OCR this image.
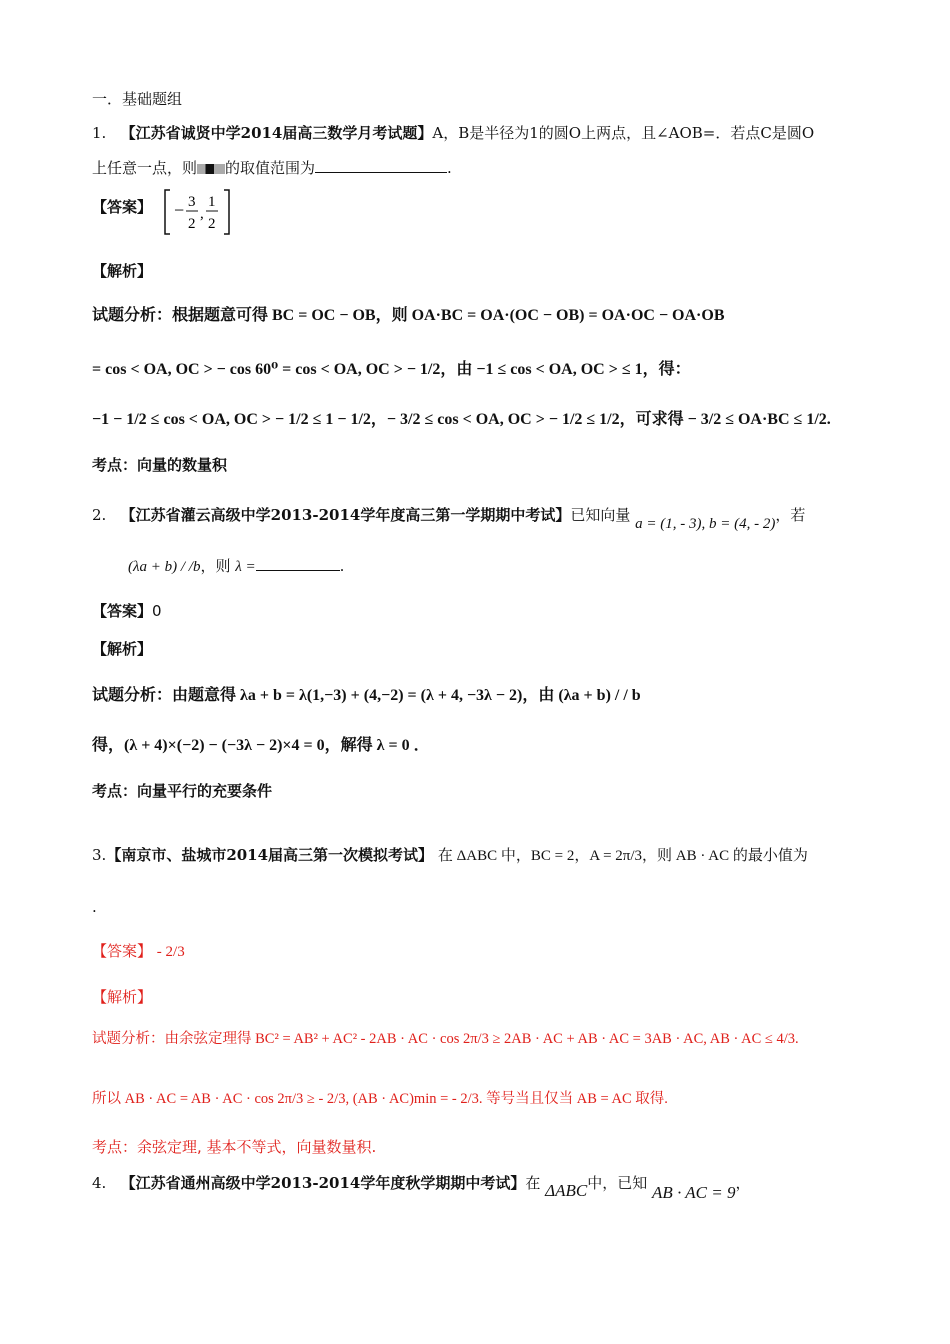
一．基础题组
1. 【江苏省诚贤中学2014届高三数学月考试题】A，B是半径为1的圆O上两点，且∠AOB=．若点C是圆O
上任意一点，则 的取值范围为	.
【答案】	− 3
2
,
1
2
【解析】
试题分析：根据题意可得 BC = OC − OB，则 OA·BC = OA·(OC − OB) = OA·OC − OA·OB
= cos < OA, OC > − cos 60⁰ = cos < OA, OC > − 1/2，由 −1 ≤ cos < OA, OC > ≤ 1，得：
−1 − 1/2 ≤ cos < OA, OC > − 1/2 ≤ 1 − 1/2，− 3/2 ≤ cos < OA, OC > − 1/2 ≤ 1/2，可求得 − 3/2 ≤ OA·BC ≤ 1/2.
考点：向量的数量积
2. 【江苏省灌云高级中学2013-2014学年度高三第一学期期中考试】已知向量 a = (1, - 3), b = (4, - 2)，若
(λa + b) / /b，则 λ =	.
【答案】0
【解析】
试题分析：由题意得 λa + b = λ(1,−3) + (4,−2) = (λ + 4, −3λ − 2)，由 (λa + b) / / b
得，(λ + 4)×(−2) − (−3λ − 2)×4 = 0，解得 λ = 0 ．
考点：向量平行的充要条件
3.【南京市、盐城市2014届高三第一次模拟考试】 在 ΔABC 中，BC = 2，A = 2π/3，则 AB · AC 的最小值为
.
【答案】 - 2/3
【解析】
试题分析：由余弦定理得 BC² = AB² + AC² - 2AB · AC · cos 2π/3 ≥ 2AB · AC + AB · AC = 3AB · AC, AB · AC ≤ 4/3.
所以 AB · AC = AB · AC · cos 2π/3 ≥ - 2/3, (AB · AC)min = - 2/3. 等号当且仅当 AB = AC 取得.
考点：余弦定理, 基本不等式，向量数量积.
4. 【江苏省通州高级中学2013-2014学年度秋学期期中考试】在 ΔABC中，已知 AB · AC = 9，
